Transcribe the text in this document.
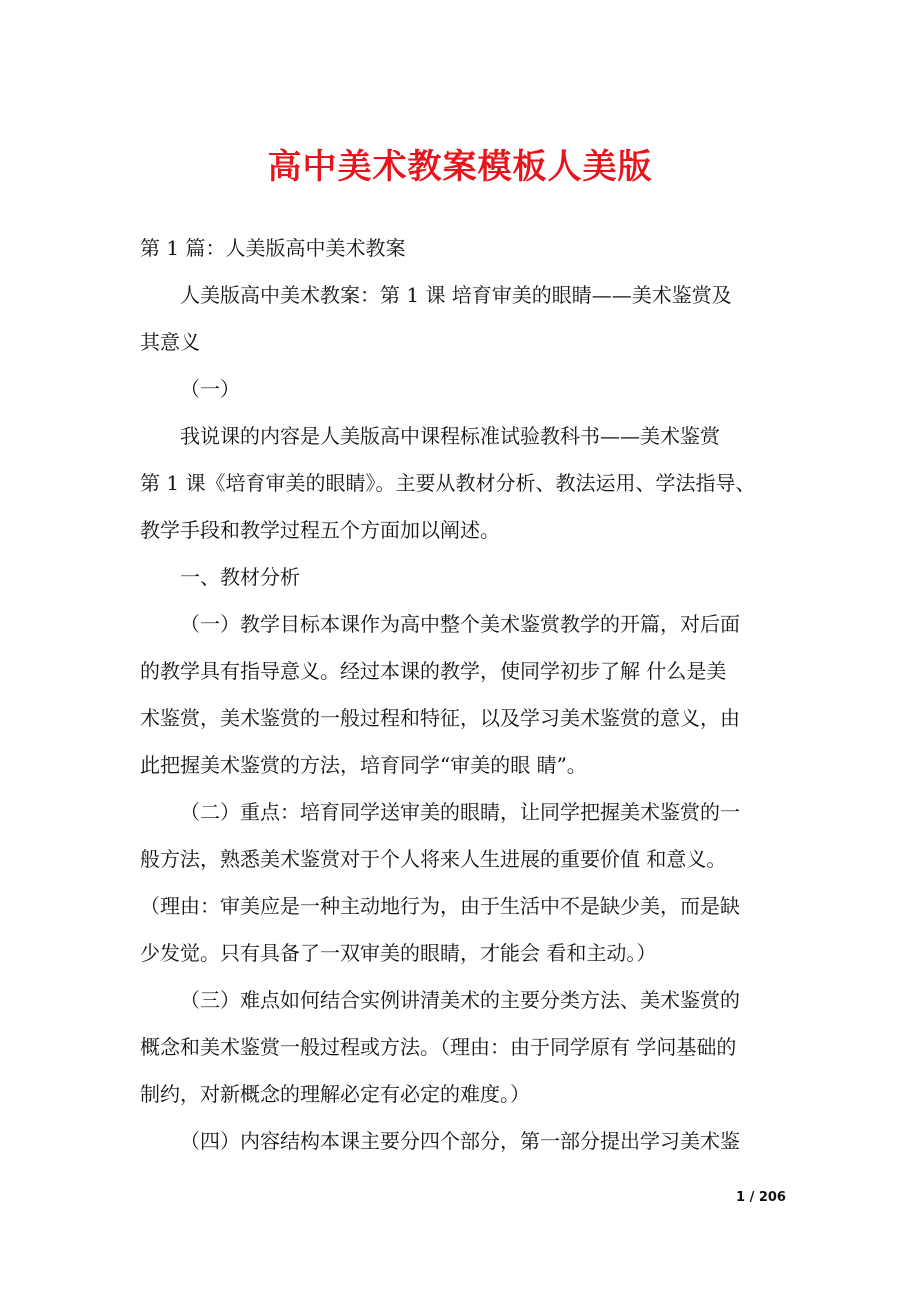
高中美术教案模板人美版
第 1 篇：人美版高中美术教案
人美版高中美术教案：第 1 课 培育审美的眼睛——美术鉴赏及
其意义
（一）
我说课的内容是人美版高中课程标准试验教科书——美术鉴赏
第 1 课《培育审美的眼睛》。主要从教材分析、教法运用、学法指导、
教学手段和教学过程五个方面加以阐述。
一、教材分析
（一）教学目标本课作为高中整个美术鉴赏教学的开篇，对后面
的教学具有指导意义。经过本课的教学，使同学初步了解 什么是美
术鉴赏，美术鉴赏的一般过程和特征，以及学习美术鉴赏的意义，由
此把握美术鉴赏的方法，培育同学“审美的眼 睛”。
（二）重点：培育同学送审美的眼睛，让同学把握美术鉴赏的一
般方法，熟悉美术鉴赏对于个人将来人生进展的重要价值 和意义。
（理由：审美应是一种主动地行为，由于生活中不是缺少美，而是缺
少发觉。只有具备了一双审美的眼睛，才能会 看和主动。）
（三）难点如何结合实例讲清美术的主要分类方法、美术鉴赏的
概念和美术鉴赏一般过程或方法。（理由：由于同学原有 学问基础的
制约，对新概念的理解必定有必定的难度。）
（四）内容结构本课主要分四个部分，第一部分提出学习美术鉴
1 / 206
